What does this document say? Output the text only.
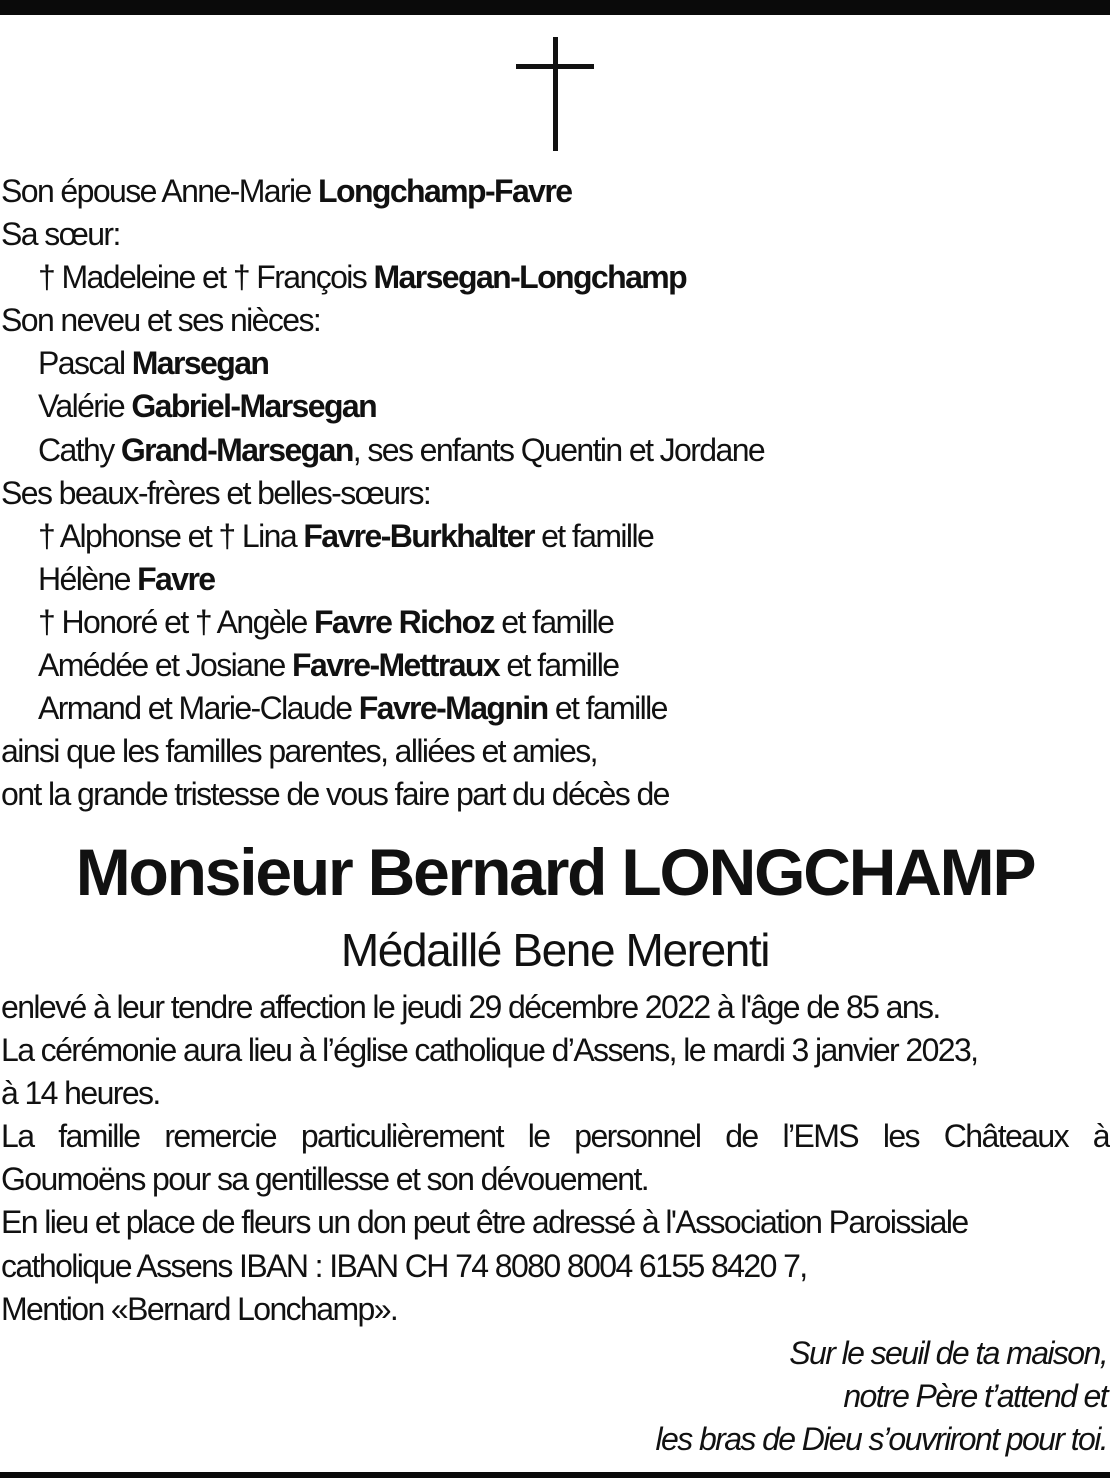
Son épouse Anne-Marie Longchamp-Favre
Sa sœur:
† Madeleine et † François Marsegan-Longchamp
Son neveu et ses nièces:
Pascal Marsegan
Valérie Gabriel-Marsegan
Cathy Grand-Marsegan, ses enfants Quentin et Jordane
Ses beaux-frères et belles-sœurs:
† Alphonse et † Lina Favre-Burkhalter et famille
Hélène Favre
† Honoré et † Angèle Favre Richoz et famille
Amédée et Josiane Favre-Mettraux et famille
Armand et Marie-Claude Favre-Magnin et famille
ainsi que les familles parentes, alliées et amies,
ont la grande tristesse de vous faire part du décès de
Monsieur Bernard LONGCHAMP
Médaillé Bene Merenti
enlevé à leur tendre affection le jeudi 29 décembre 2022 à l'âge de 85 ans.
La cérémonie aura lieu à l’église catholique d’Assens, le mardi 3 janvier 2023,
à 14 heures.
La famille remercie particulièrement le personnel de l’EMS les Châteaux à
Goumoëns pour sa gentillesse et son dévouement.
En lieu et place de fleurs un don peut être adressé à l'Association Paroissiale
catholique Assens IBAN : IBAN CH 74 8080 8004 6155 8420 7,
Mention «Bernard Lonchamp».
Sur le seuil de ta maison,
notre Père t’attend et
les bras de Dieu s’ouvriront pour toi.
